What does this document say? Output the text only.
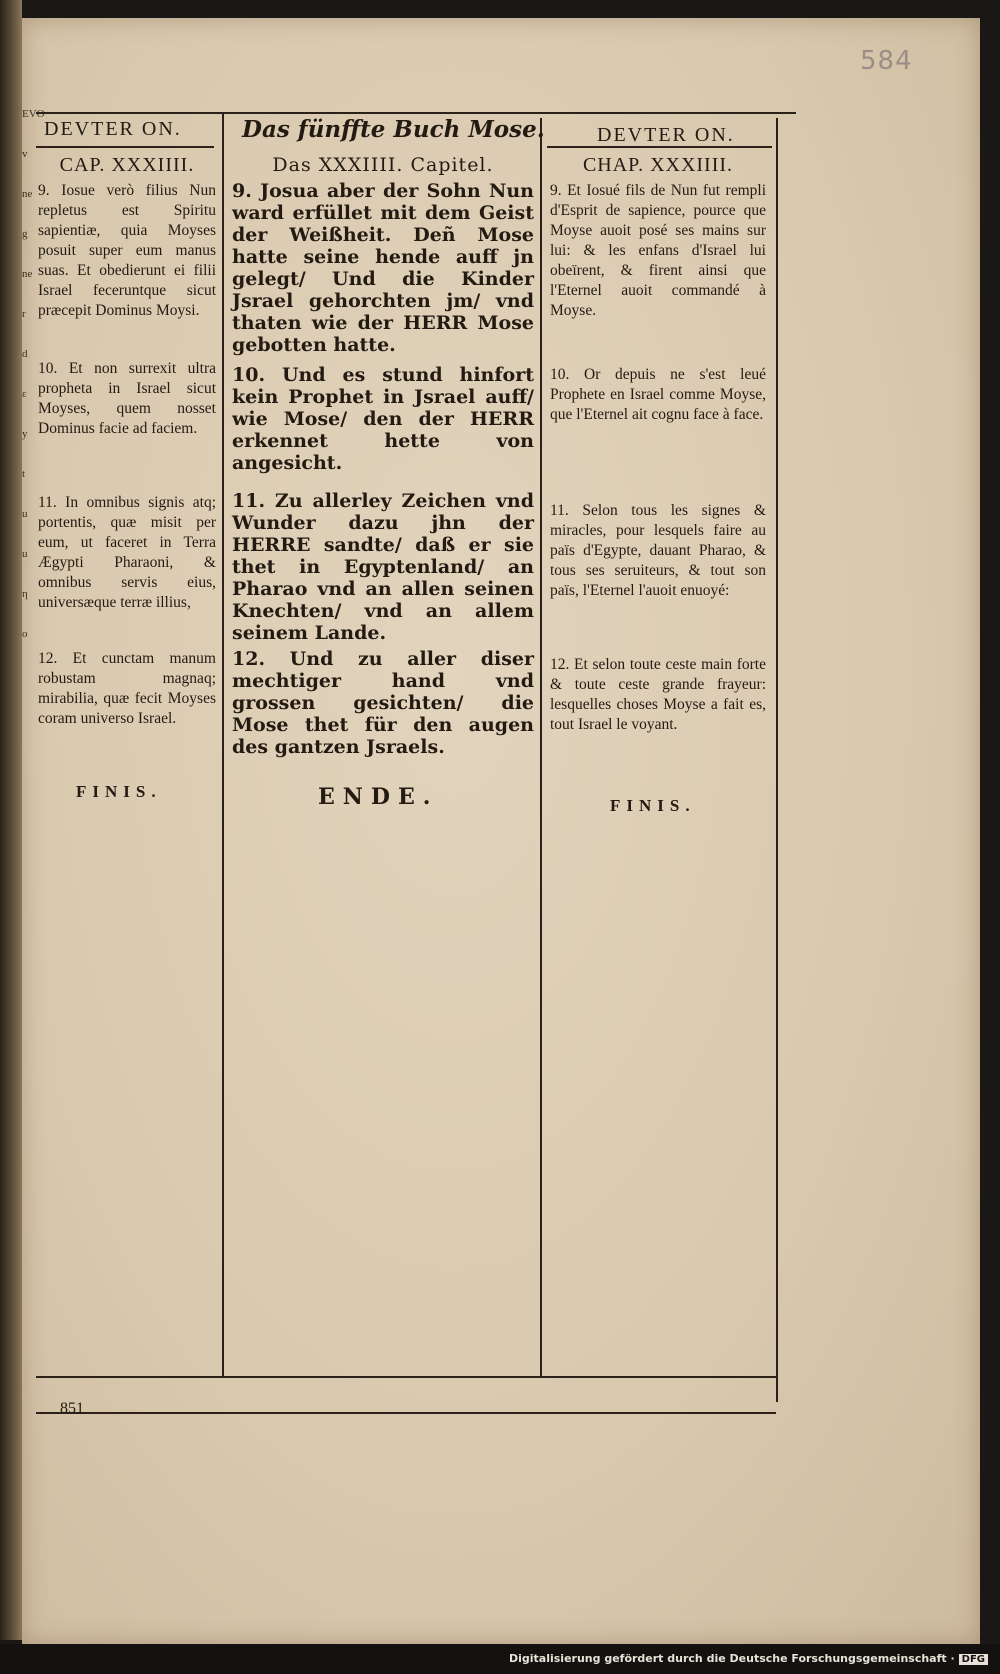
EVO
v
ne
g
ne
r
d
ε
y
t
u
u
η
o
584
DEVTER ON.	Das fünffte Buch Mose.	DEVTER ON.

CAP. XXXIIII.

9. Iosue verò filius Nun repletus est Spiritu sapientiæ, quia Moyses posuit super eum manus suas. Et obedierunt ei filii Israel feceruntque sicut præcepit Dominus Moysi.

10. Et non surrexit ultra propheta in Israel sicut Moyses, quem nosset Dominus facie ad faciem.

11. In omnibus signis atq; portentis, quæ misit per eum, ut faceret in Terra Ægypti Pharaoni, & omnibus servis eius, universæque terræ illius,

12. Et cunctam manum robustam magnaq; mirabilia, quæ fecit Moyses coram universo Israel.

FINIS.

Das XXXIIII. Capitel.

9. Josua aber der Sohn Nun ward erfüllet mit dem Geist der Weißheit. Deñ Mose hatte seine hende auff jn gelegt/ Und die Kinder Jsrael gehorchten jm/ vnd thaten wie der HERR Mose gebotten hatte.

10. Und es stund hinfort kein Prophet in Jsrael auff/ wie Mose/ den der HERR erkennet hette von angesicht.

11. Zu allerley Zeichen vnd Wunder dazu jhn der HERRE sandte/ daß er sie thet in Egyptenland/ an Pharao vnd an allen seinen Knechten/ vnd an allem seinem Lande.

12. Und zu aller diser mechtiger hand vnd grossen gesichten/ die Mose thet für den augen des gantzen Jsraels.

ENDE.

CHAP. XXXIIII.

9. Et Iosué fils de Nun fut rempli d'Esprit de sapience, pource que Moyse auoit posé ses mains sur lui: & les enfans d'Israel lui obeïrent, & firent ainsi que l'Eternel auoit commandé à Moyse.

10. Or depuis ne s'est leué Prophete en Israel comme Moyse, que l'Eternel ait cognu face à face.

11. Selon tous les signes & miracles, pour lesquels faire au païs d'Egypte, dauant Pharao, & tous ses seruiteurs, & tout son païs, l'Eternel l'auoit enuoyé:

12. Et selon toute ceste main forte & toute ceste grande frayeur: lesquelles choses Moyse a fait es, tout Israel le voyant.

FINIS.
851
Digitalisierung gefördert durch die Deutsche Forschungsgemeinschaft · DFG
